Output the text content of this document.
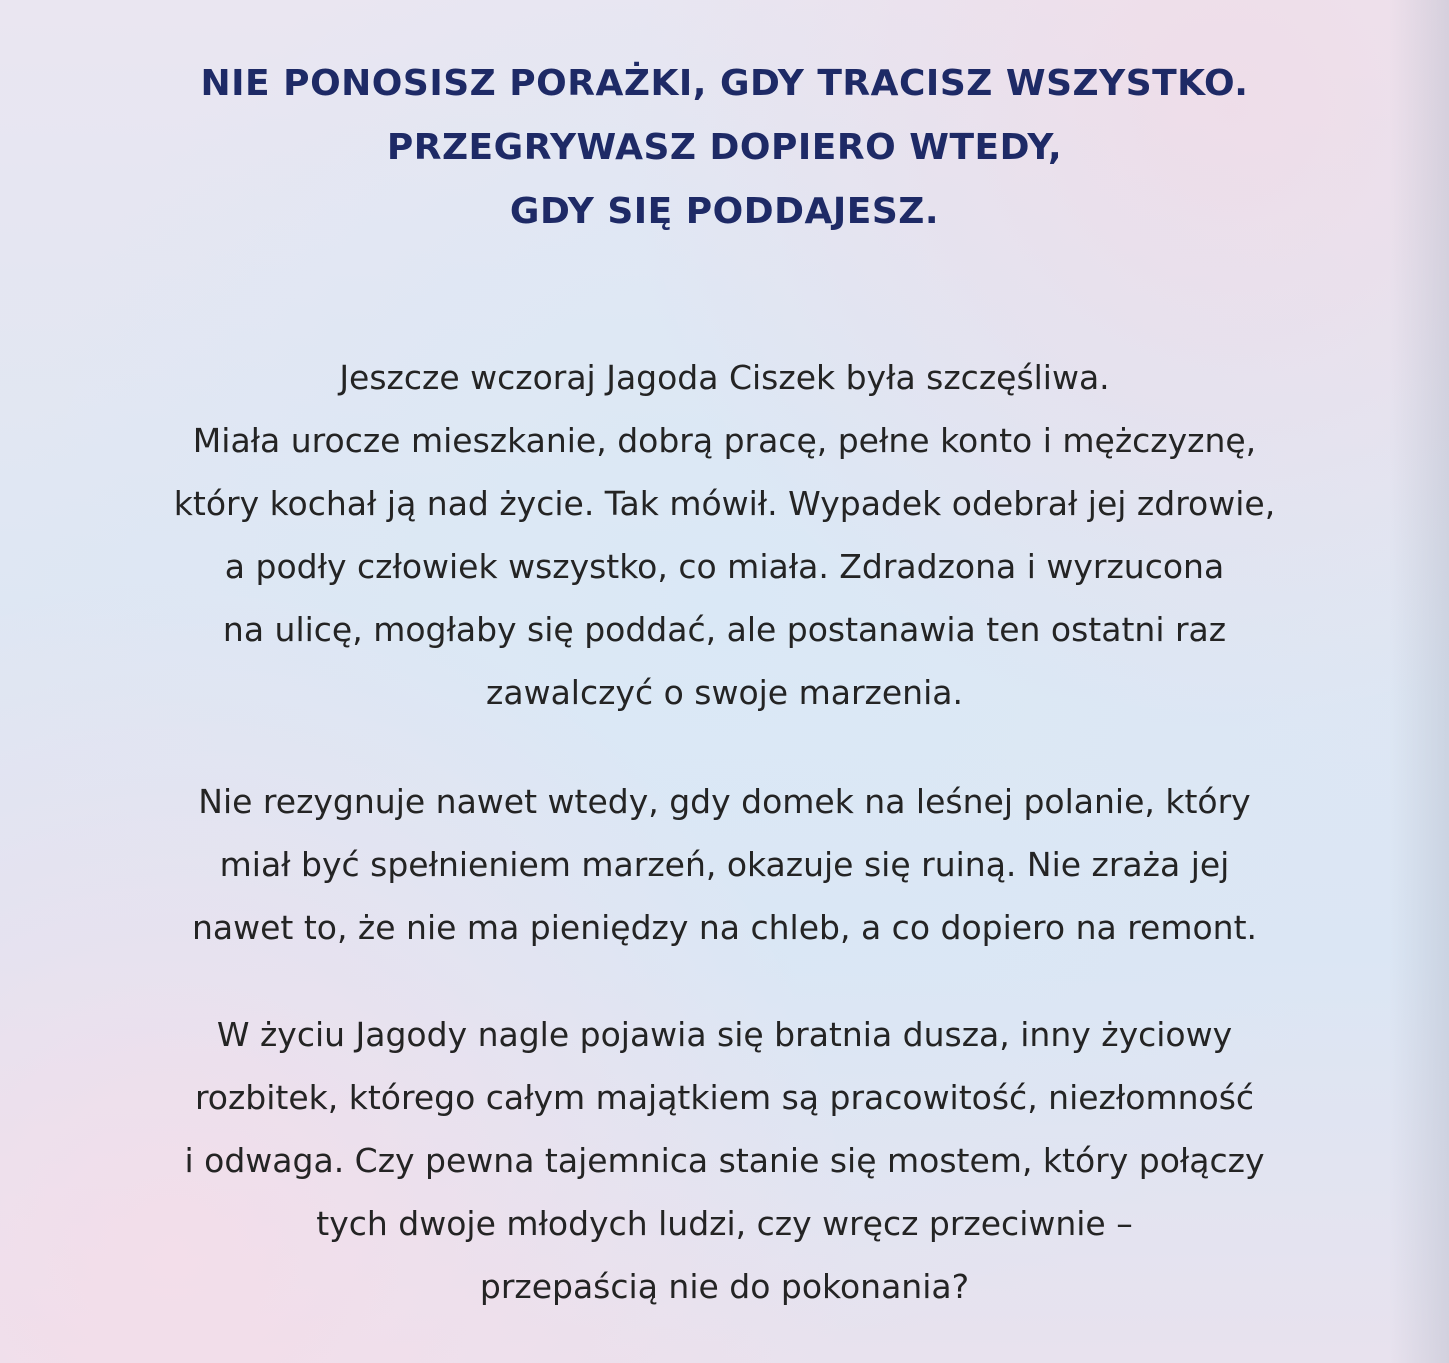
NIE PONOSISZ PORAŻKI, GDY TRACISZ WSZYSTKO.
PRZEGRYWASZ DOPIERO WTEDY,
GDY SIĘ PODDAJESZ.

Jeszcze wczoraj Jagoda Ciszek była szczęśliwa.
Miała urocze mieszkanie, dobrą pracę, pełne konto i mężczyznę,
który kochał ją nad życie. Tak mówił. Wypadek odebrał jej zdrowie,
a podły człowiek wszystko, co miała. Zdradzona i wyrzucona
na ulicę, mogłaby się poddać, ale postanawia ten ostatni raz
zawalczyć o swoje marzenia.

Nie rezygnuje nawet wtedy, gdy domek na leśnej polanie, który
miał być spełnieniem marzeń, okazuje się ruiną. Nie zraża jej
nawet to, że nie ma pieniędzy na chleb, a co dopiero na remont.

W życiu Jagody nagle pojawia się bratnia dusza, inny życiowy
rozbitek, którego całym majątkiem są pracowitość, niezłomność
i odwaga. Czy pewna tajemnica stanie się mostem, który połączy
tych dwoje młodych ludzi, czy wręcz przeciwnie –
przepaścią nie do pokonania?
